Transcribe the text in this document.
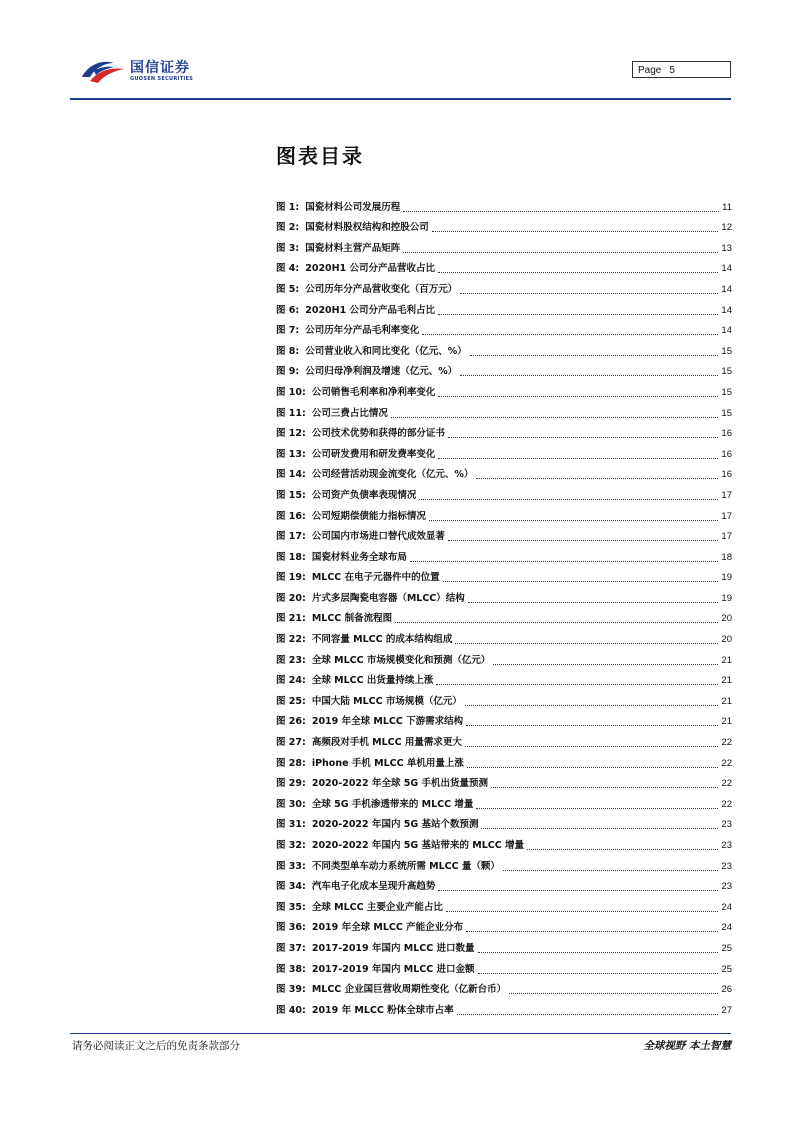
国信证券
GUOSEN SECURITIES
Page 5
图表目录
图 1: 国瓷材料公司发展历程	11
图 2: 国瓷材料股权结构和控股公司	12
图 3: 国瓷材料主营产品矩阵	13
图 4: 2020H1 公司分产品营收占比	14
图 5: 公司历年分产品营收变化（百万元）	14
图 6: 2020H1 公司分产品毛利占比	14
图 7: 公司历年分产品毛利率变化	14
图 8: 公司营业收入和同比变化（亿元、%）	15
图 9: 公司归母净利润及增速（亿元、%）	15
图 10: 公司销售毛利率和净利率变化	15
图 11: 公司三费占比情况	15
图 12: 公司技术优势和获得的部分证书	16
图 13: 公司研发费用和研发费率变化	16
图 14: 公司经营活动现金流变化（亿元、%）	16
图 15: 公司资产负债率表现情况	17
图 16: 公司短期偿债能力指标情况	17
图 17: 公司国内市场进口替代成效显著	17
图 18: 国瓷材料业务全球布局	18
图 19: MLCC 在电子元器件中的位置	19
图 20: 片式多层陶瓷电容器（MLCC）结构	19
图 21: MLCC 制备流程图	20
图 22: 不同容量 MLCC 的成本结构组成	20
图 23: 全球 MLCC 市场规模变化和预测（亿元）	21
图 24: 全球 MLCC 出货量持续上涨	21
图 25: 中国大陆 MLCC 市场规模（亿元）	21
图 26: 2019 年全球 MLCC 下游需求结构	21
图 27: 高频段对手机 MLCC 用量需求更大	22
图 28: iPhone 手机 MLCC 单机用量上涨	22
图 29: 2020-2022 年全球 5G 手机出货量预测	22
图 30: 全球 5G 手机渗透带来的 MLCC 增量	22
图 31: 2020-2022 年国内 5G 基站个数预测	23
图 32: 2020-2022 年国内 5G 基站带来的 MLCC 增量	23
图 33: 不同类型单车动力系统所需 MLCC 量（颗）	23
图 34: 汽车电子化成本呈现升高趋势	23
图 35: 全球 MLCC 主要企业产能占比	24
图 36: 2019 年全球 MLCC 产能企业分布	24
图 37: 2017-2019 年国内 MLCC 进口数量	25
图 38: 2017-2019 年国内 MLCC 进口金额	25
图 39: MLCC 企业国巨营收周期性变化（亿新台币）	26
图 40: 2019 年 MLCC 粉体全球市占率	27
请务必阅读正文之后的免责条款部分	全球视野 本土智慧
